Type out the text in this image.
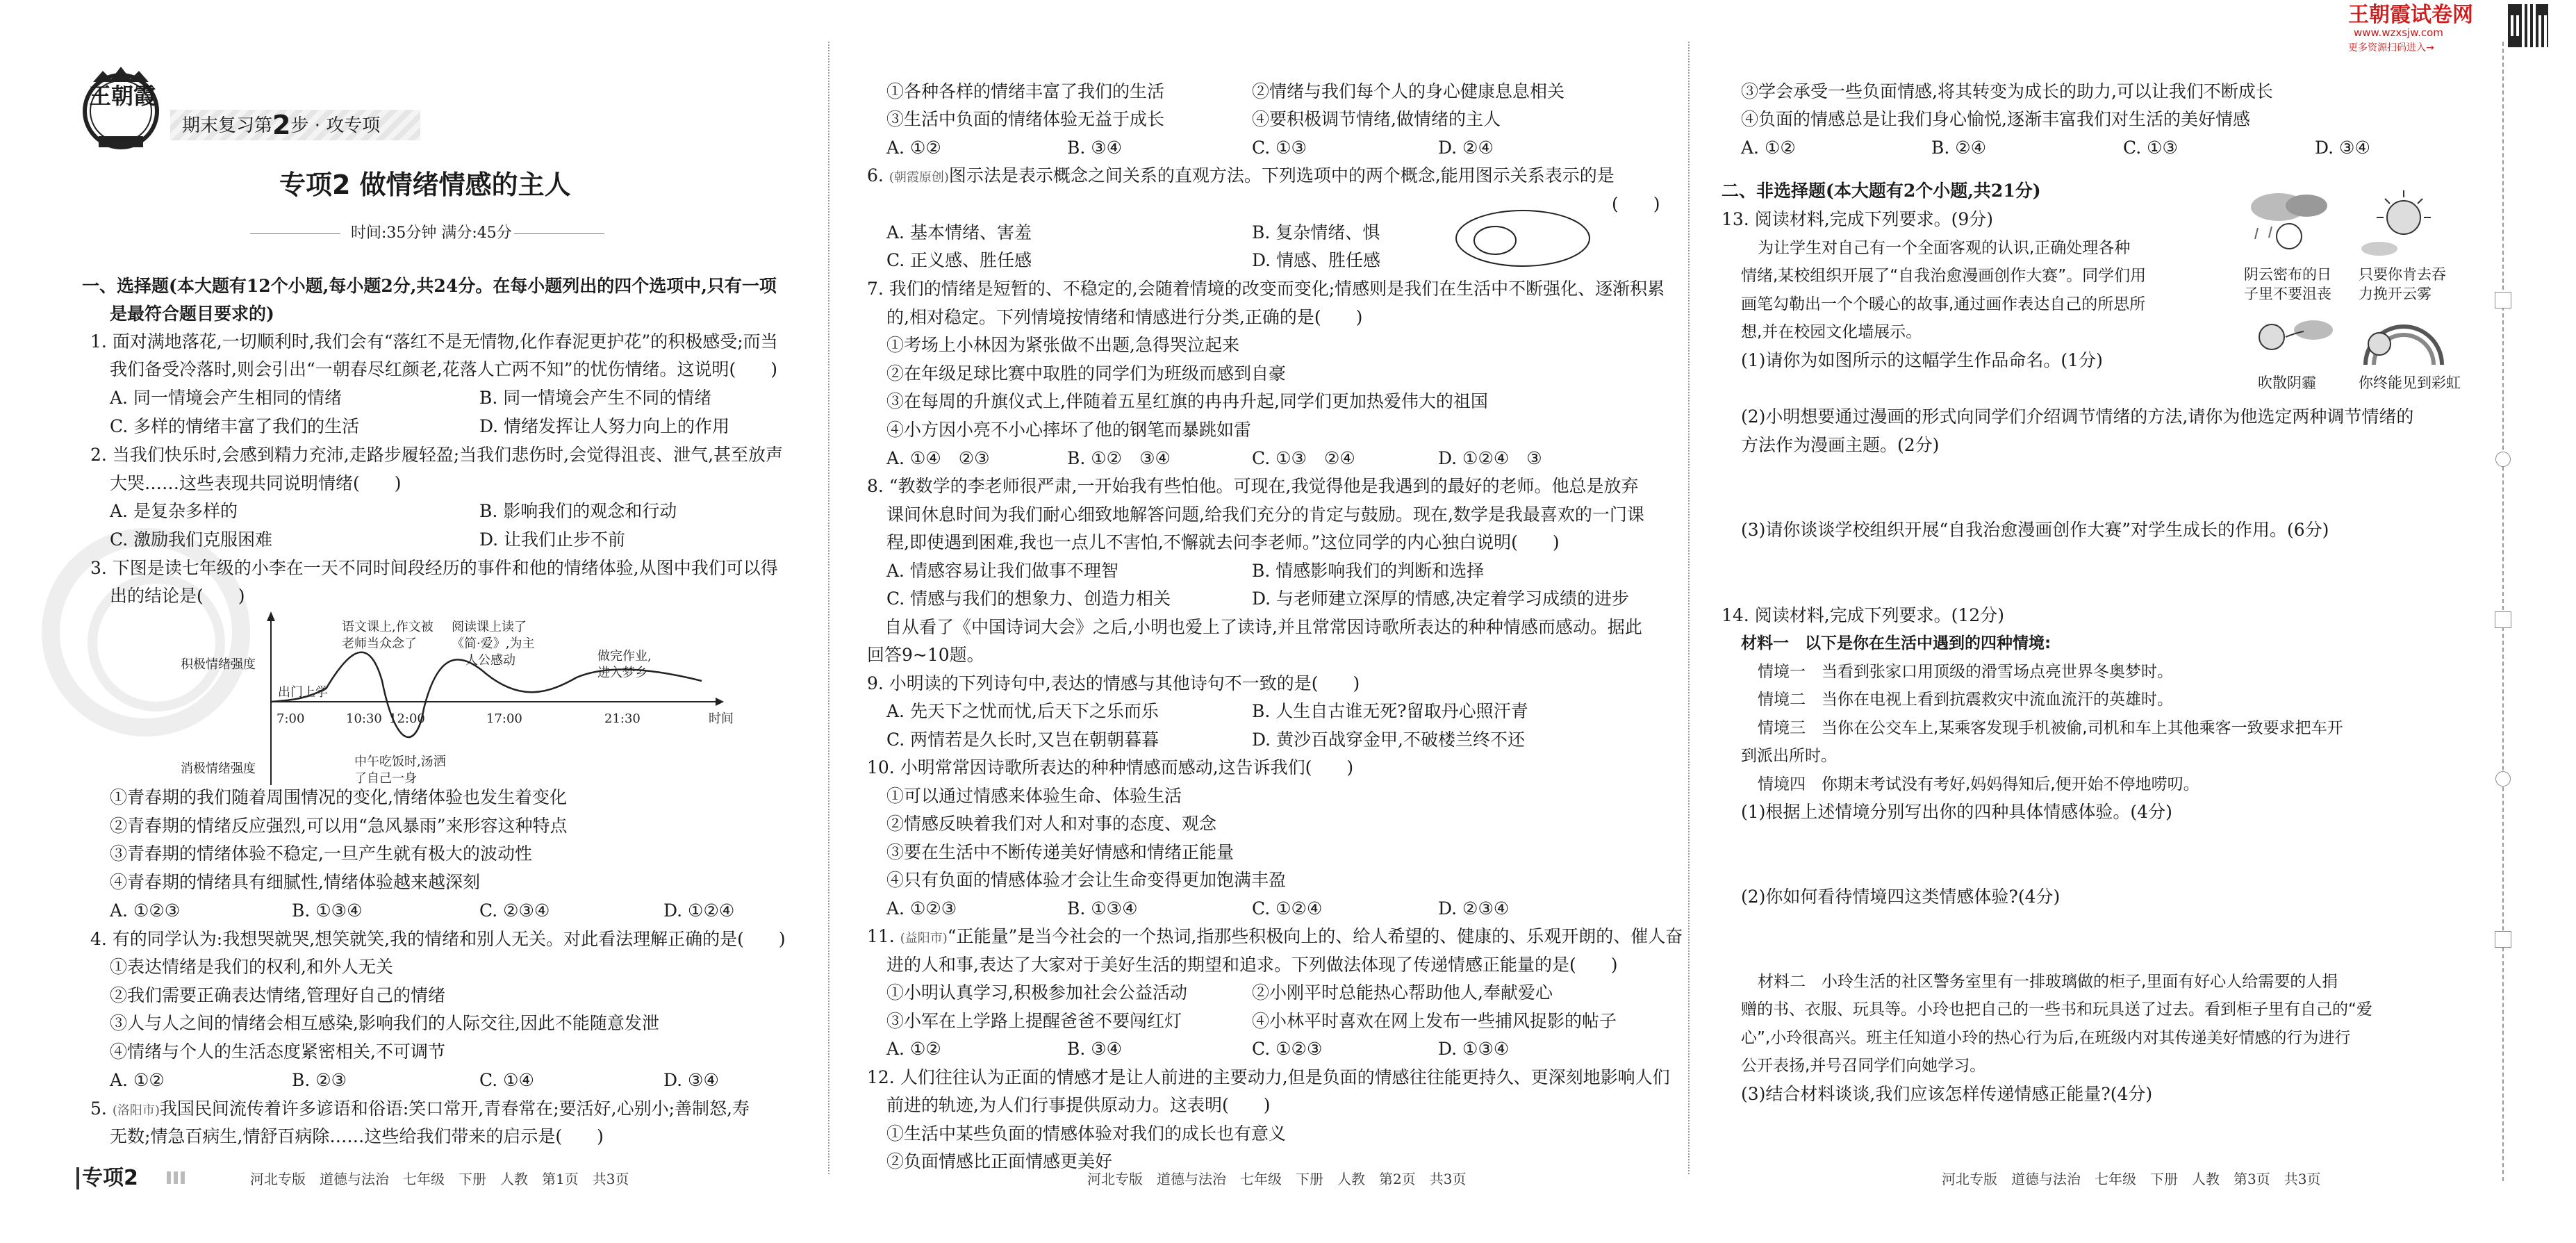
王朝霞
期末复习第2步 · 攻专项
专项2 做情绪情感的主人
时间:35分钟 满分:45分
一、选择题(本大题有12个小题,每小题2分,共24分。在每小题列出的四个选项中,只有一项
是最符合题目要求的)
1. 面对满地落花,一切顺利时,我们会有“落红不是无情物,化作春泥更护花”的积极感受;而当
我们备受冷落时,则会引出“一朝春尽红颜老,花落人亡两不知”的忧伤情绪。这说明(　　)
A. 同一情境会产生相同的情绪	B. 同一情境会产生不同的情绪
C. 多样的情绪丰富了我们的生活	D. 情绪发挥让人努力向上的作用
2. 当我们快乐时,会感到精力充沛,走路步履轻盈;当我们悲伤时,会觉得沮丧、泄气,甚至放声
大哭……这些表现共同说明情绪(　　)
A. 是复杂多样的	B. 影响我们的观念和行动
C. 激励我们克服困难	D. 让我们止步不前
3. 下图是读七年级的小李在一天不同时间段经历的事件和他的情绪体验,从图中我们可以得
出的结论是(　　)
积极情绪强度
消极情绪强度
时间
7:00	10:30 12:00	17:00	21:30
出门上学
语文课上,作文被
老师当众念了
中午吃饭时,汤洒
了自己一身
阅读课上读了
《简·爱》,为主
人公感动	做完作业,
进入梦乡
①青春期的我们随着周围情况的变化,情绪体验也发生着变化
②青春期的情绪反应强烈,可以用“急风暴雨”来形容这种特点
③青春期的情绪体验不稳定,一旦产生就有极大的波动性
④青春期的情绪具有细腻性,情绪体验越来越深刻
A. ①②③	B. ①③④	C. ②③④	D. ①②④
4. 有的同学认为:我想哭就哭,想笑就笑,我的情绪和别人无关。对此看法理解正确的是(　　)
①表达情绪是我们的权利,和外人无关
②我们需要正确表达情绪,管理好自己的情绪
③人与人之间的情绪会相互感染,影响我们的人际交往,因此不能随意发泄
④情绪与个人的生活态度紧密相关,不可调节
A. ①②	B. ②③	C. ①④	D. ③④
5. (洛阳市)我国民间流传着许多谚语和俗语:笑口常开,青春常在;要活好,心别小;善制怒,寿
无数;情急百病生,情舒百病除……这些给我们带来的启示是(　　)
专项2	河北专版　道德与法治　七年级　下册　人教　第1页　共3页
①各种各样的情绪丰富了我们的生活	②情绪与我们每个人的身心健康息息相关
③生活中负面的情绪体验无益于成长	④要积极调节情绪,做情绪的主人
A. ①②	B. ③④	C. ①③	D. ②④
6. (朝霞原创)图示法是表示概念之间关系的直观方法。下列选项中的两个概念,能用图示关系表示的是
(　　)
A. 基本情绪、害羞	B. 复杂情绪、惧
C. 正义感、胜任感	D. 情感、胜任感
7. 我们的情绪是短暂的、不稳定的,会随着情境的改变而变化;情感则是我们在生活中不断强化、逐渐积累
的,相对稳定。下列情境按情绪和情感进行分类,正确的是(　　)
①考场上小林因为紧张做不出题,急得哭泣起来
②在年级足球比赛中取胜的同学们为班级而感到自豪
③在每周的升旗仪式上,伴随着五星红旗的冉冉升起,同学们更加热爱伟大的祖国
④小方因小亮不小心摔坏了他的钢笔而暴跳如雷
A. ①④　②③	B. ①②　③④	C. ①③　②④	D. ①②④　③
8. “教数学的李老师很严肃,一开始我有些怕他。可现在,我觉得他是我遇到的最好的老师。他总是放弃
课间休息时间为我们耐心细致地解答问题,给我们充分的肯定与鼓励。现在,数学是我最喜欢的一门课
程,即使遇到困难,我也一点儿不害怕,不懈就去问李老师。”这位同学的内心独白说明(　　)
A. 情感容易让我们做事不理智	B. 情感影响我们的判断和选择
C. 情感与我们的想象力、创造力相关	D. 与老师建立深厚的情感,决定着学习成绩的进步
　自从看了《中国诗词大会》之后,小明也爱上了读诗,并且常常因诗歌所表达的种种情感而感动。据此
回答9~10题。
9. 小明读的下列诗句中,表达的情感与其他诗句不一致的是(　　)
A. 先天下之忧而忧,后天下之乐而乐	B. 人生自古谁无死?留取丹心照汗青
C. 两情若是久长时,又岂在朝朝暮暮	D. 黄沙百战穿金甲,不破楼兰终不还
10. 小明常常因诗歌所表达的种种情感而感动,这告诉我们(　　)
①可以通过情感来体验生命、体验生活
②情感反映着我们对人和对事的态度、观念
③要在生活中不断传递美好情感和情绪正能量
④只有负面的情感体验才会让生命变得更加饱满丰盈
A. ①②③	B. ①③④	C. ①②④	D. ②③④
11. (益阳市)“正能量”是当今社会的一个热词,指那些积极向上的、给人希望的、健康的、乐观开朗的、催人奋
进的人和事,表达了大家对于美好生活的期望和追求。下列做法体现了传递情感正能量的是(　　)
①小明认真学习,积极参加社会公益活动	②小刚平时总能热心帮助他人,奉献爱心
③小军在上学路上提醒爸爸不要闯红灯	④小林平时喜欢在网上发布一些捕风捉影的帖子
A. ①②	B. ③④	C. ①②③	D. ①③④
12. 人们往往认为正面的情感才是让人前进的主要动力,但是负面的情感往往能更持久、更深刻地影响人们
前进的轨迹,为人们行事提供原动力。这表明(　　)
①生活中某些负面的情感体验对我们的成长也有意义
②负面情感比正面情感更美好
河北专版　道德与法治　七年级　下册　人教　第2页　共3页
③学会承受一些负面情感,将其转变为成长的助力,可以让我们不断成长
④负面的情感总是让我们身心愉悦,逐渐丰富我们对生活的美好情感
A. ①②	B. ②④	C. ①③	D. ③④
二、非选择题(本大题有2个小题,共21分)
13. 阅读材料,完成下列要求。(9分)
为让学生对自己有一个全面客观的认识,正确处理各种
情绪,某校组织开展了“自我治愈漫画创作大赛”。同学们用
画笔勾勒出一个个暖心的故事,通过画作表达自己的所思所
想,并在校园文化墙展示。
(1)请你为如图所示的这幅学生作品命名。(1分)
阴云密布的日
子里不要沮丧
只要你肯去吞
力挽开云雾
吹散阴霾	你终能见到彩虹
(2)小明想要通过漫画的形式向同学们介绍调节情绪的方法,请你为他选定两种调节情绪的
方法作为漫画主题。(2分)
(3)请你谈谈学校组织开展“自我治愈漫画创作大赛”对学生成长的作用。(6分)
14. 阅读材料,完成下列要求。(12分)
材料一　以下是你在生活中遇到的四种情境:
情境一　当看到张家口用顶级的滑雪场点亮世界冬奥梦时。
情境二　当你在电视上看到抗震救灾中流血流汗的英雄时。
情境三　当你在公交车上,某乘客发现手机被偷,司机和车上其他乘客一致要求把车开
到派出所时。
情境四　你期末考试没有考好,妈妈得知后,便开始不停地唠叨。
(1)根据上述情境分别写出你的四种具体情感体验。(4分)
(2)你如何看待情境四这类情感体验?(4分)
材料二　小玲生活的社区警务室里有一排玻璃做的柜子,里面有好心人给需要的人捐
赠的书、衣服、玩具等。小玲也把自己的一些书和玩具送了过去。看到柜子里有自己的“爱
心”,小玲很高兴。班主任知道小玲的热心行为后,在班级内对其传递美好情感的行为进行
公开表扬,并号召同学们向她学习。
(3)结合材料谈谈,我们应该怎样传递情感正能量?(4分)
河北专版　道德与法治　七年级　下册　人教　第3页　共3页
王朝霞试卷网
www.wzxsjw.com
更多资源扫码进入→
